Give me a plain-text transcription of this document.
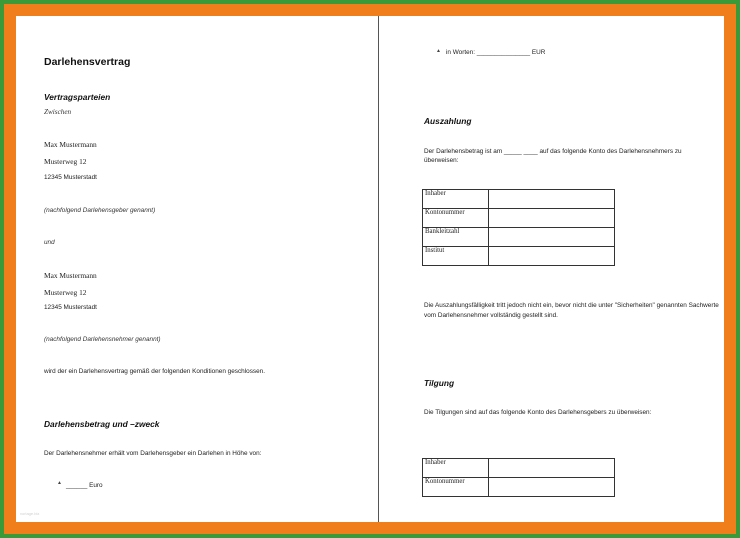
Darlehensvertrag
Vertragsparteien
Zwischen
Max Mustermann
Musterweg 12
12345 Musterstadt
(nachfolgend Darlehensgeber genannt)
und
Max Mustermann
Musterweg 12
12345 Musterstadt
(nachfolgend Darlehensnehmer genannt)
wird der ein Darlehensvertrag gemäß der folgenden Konditionen geschlossen.
Darlehensbetrag und –zweck
Der Darlehensnehmer erhält vom Darlehensgeber ein Darlehen in Höhe von:
▲ ______ Euro
vorlage.biz
▲ in Worten: _______________ EUR
Auszahlung
Der Darlehensbetrag ist am _____ ____ auf das folgende Konto des Darlehensnehmers zu überweisen:
Inhaber	
Kontonummer	
Bankleitzahl	
Institut	
Die Auszahlungsfälligkeit tritt jedoch nicht ein, bevor nicht die unter "Sicherheiten" genannten Sachwerte vom Darlehensnehmer vollständig gestellt sind.
Tilgung
Die Tilgungen sind auf das folgende Konto des Darlehensgebers zu überweisen:
Inhaber	
Kontonummer	
